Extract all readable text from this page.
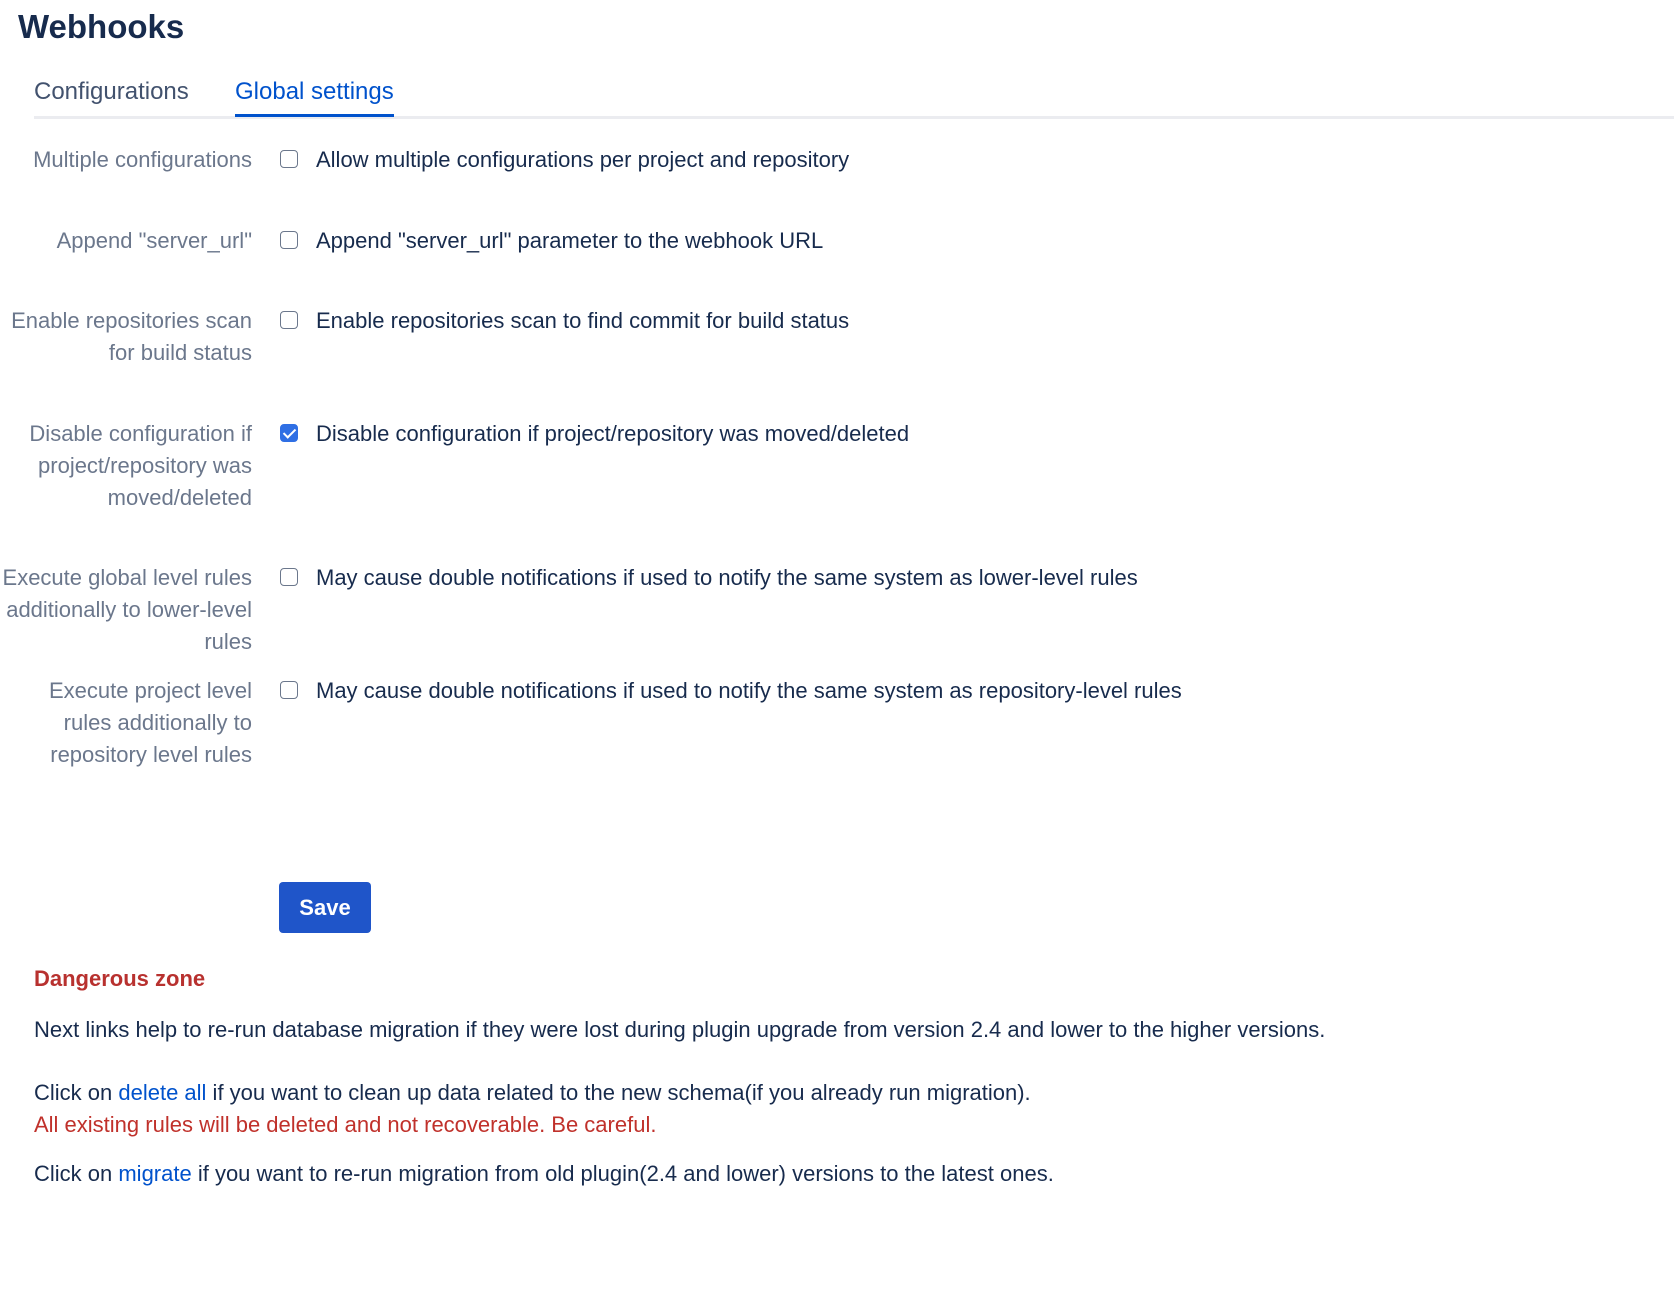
Webhooks
Configurations Global settings
Multiple configurations	Allow multiple configurations per project and repository
Append "server_url"	Append "server_url" parameter to the webhook URL
Enable repositories scan for build status
Enable repositories scan to find commit for build status
Disable configuration if project/repository was moved/deleted
Disable configuration if project/repository was moved/deleted
Execute global level rules additionally to lower-level rules
May cause double notifications if used to notify the same system as lower-level rules
Execute project level rules additionally to repository level rules
May cause double notifications if used to notify the same system as repository-level rules
Save
Dangerous zone
Next links help to re-run database migration if they were lost during plugin upgrade from version 2.4 and lower to the higher versions.
Click on delete all if you want to clean up data related to the new schema(if you already run migration).
All existing rules will be deleted and not recoverable. Be careful.
Click on migrate if you want to re-run migration from old plugin(2.4 and lower) versions to the latest ones.
